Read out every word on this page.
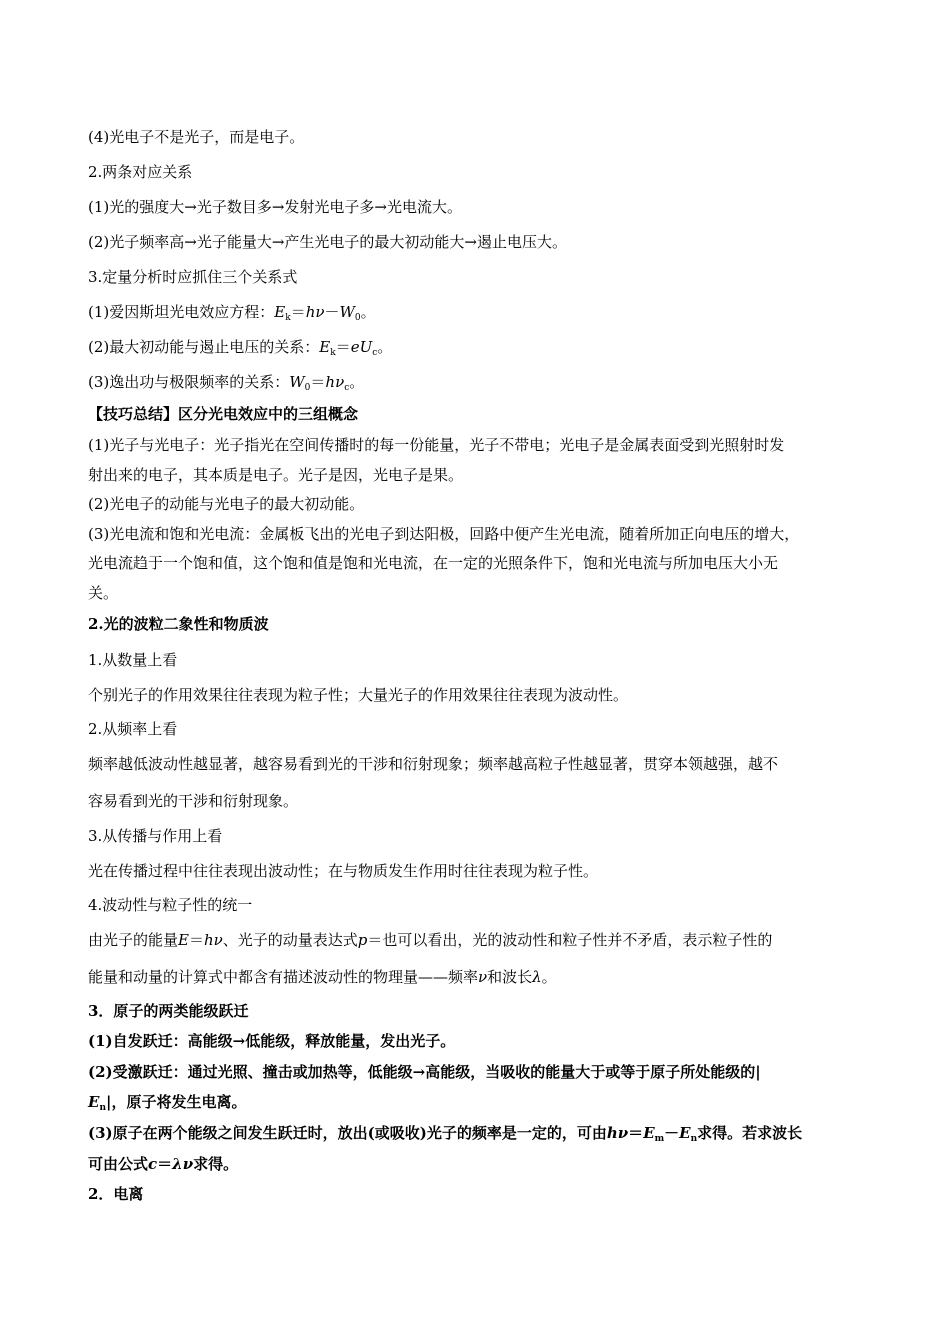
(4)光电子不是光子，而是电子。
2.两条对应关系
(1)光的强度大→光子数目多→发射光电子多→光电流大。
(2)光子频率高→光子能量大→产生光电子的最大初动能大→遏止电压大。
3.定量分析时应抓住三个关系式
(1)爱因斯坦光电效应方程：$E_k=h\nu-W_0$。
(2)最大初动能与遏止电压的关系：$E_k=eU_c$。
(3)逸出功与极限频率的关系：$W_0=h\nu_c$。
【技巧总结】区分光电效应中的三组概念
(1)光子与光电子：光子指光在空间传播时的每一份能量，光子不带电；光电子是金属表面受到光照射时发
射出来的电子，其本质是电子。光子是因，光电子是果。
(2)光电子的动能与光电子的最大初动能。
(3)光电流和饱和光电流：金属板飞出的光电子到达阳极，回路中便产生光电流，随着所加正向电压的增大，
光电流趋于一个饱和值，这个饱和值是饱和光电流，在一定的光照条件下，饱和光电流与所加电压大小无
关。
2.光的波粒二象性和物质波
1.从数量上看
个别光子的作用效果往往表现为粒子性；大量光子的作用效果往往表现为波动性。
2.从频率上看
频率越低波动性越显著，越容易看到光的干涉和衍射现象；频率越高粒子性越显著，贯穿本领越强，越不
容易看到光的干涉和衍射现象。
3.从传播与作用上看
光在传播过程中往往表现出波动性；在与物质发生作用时往往表现为粒子性。
4.波动性与粒子性的统一
由光子的能量E＝hν、光子的动量表达式p＝也可以看出，光的波动性和粒子性并不矛盾，表示粒子性的
能量和动量的计算式中都含有描述波动性的物理量——频率ν和波长λ。
3．原子的两类能级跃迁
(1)自发跃迁：高能级→低能级，释放能量，发出光子。
(2)受激跃迁：通过光照、撞击或加热等，低能级→高能级，当吸收的能量大于或等于原子所处能级的|
$E_n|$，原子将发生电离。
(3)原子在两个能级之间发生跃迁时，放出(或吸收)光子的频率是一定的，可由$h\nu=E_m-E_n$求得。若求波长
可由公式c＝λν求得。
2．电离
